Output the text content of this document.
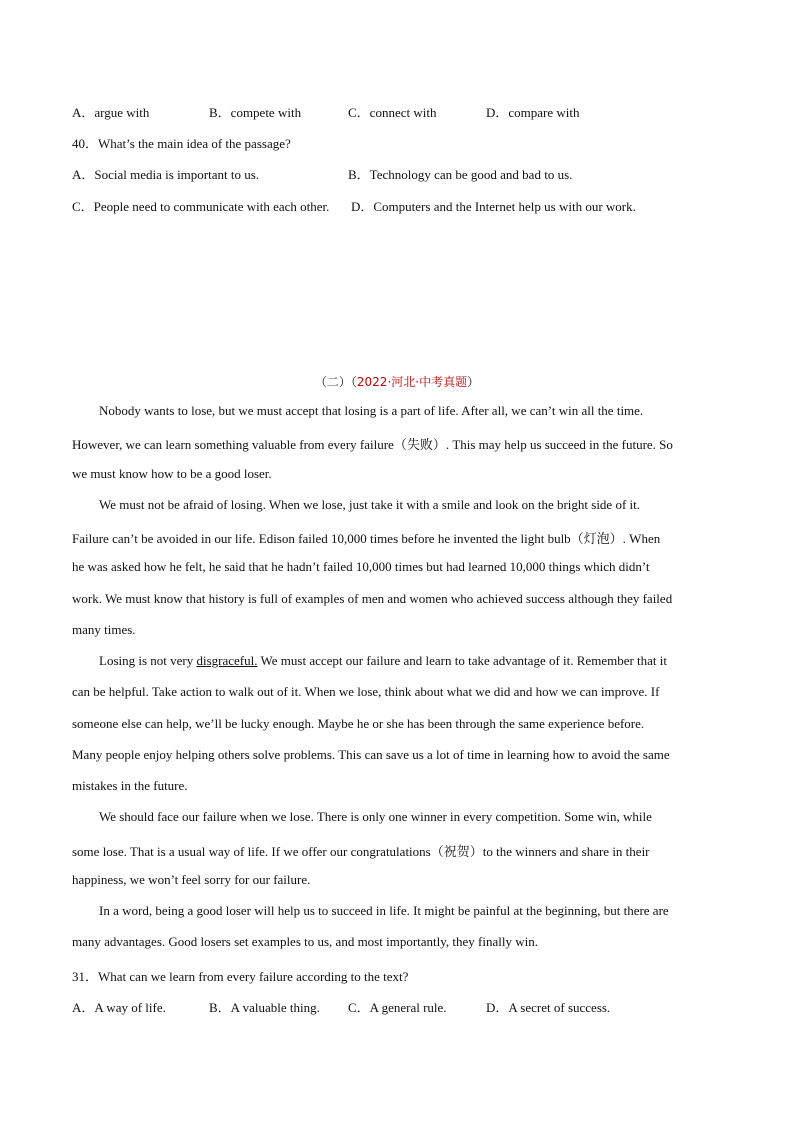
A．argue with	B．compete with	C．connect with	D．compare with
40．What’s the main idea of the passage?
A．Social media is important to us.	B．Technology can be good and bad to us.
C．People need to communicate with each other. D．Computers and the Internet help us with our work.
（二）（2022·河北·中考真题）
Nobody wants to lose, but we must accept that losing is a part of life. After all, we can’t win all the time.
However, we can learn something valuable from every failure（失败）. This may help us succeed in the future. So
we must know how to be a good loser.
We must not be afraid of losing. When we lose, just take it with a smile and look on the bright side of it.
Failure can’t be avoided in our life. Edison failed 10,000 times before he invented the light bulb（灯泡）. When
he was asked how he felt, he said that he hadn’t failed 10,000 times but had learned 10,000 things which didn’t
work. We must know that history is full of examples of men and women who achieved success although they failed
many times.
Losing is not very disgraceful. We must accept our failure and learn to take advantage of it. Remember that it
can be helpful. Take action to walk out of it. When we lose, think about what we did and how we can improve. If
someone else can help, we’ll be lucky enough. Maybe he or she has been through the same experience before.
Many people enjoy helping others solve problems. This can save us a lot of time in learning how to avoid the same
mistakes in the future.
We should face our failure when we lose. There is only one winner in every competition. Some win, while
some lose. That is a usual way of life. If we offer our congratulations（祝贺）to the winners and share in their
happiness, we won’t feel sorry for our failure.
In a word, being a good loser will help us to succeed in life. It might be painful at the beginning, but there are
many advantages. Good losers set examples to us, and most importantly, they finally win.
31．What can we learn from every failure according to the text?
A．A way of life.	B．A valuable thing. C．A general rule.	D．A secret of success.
